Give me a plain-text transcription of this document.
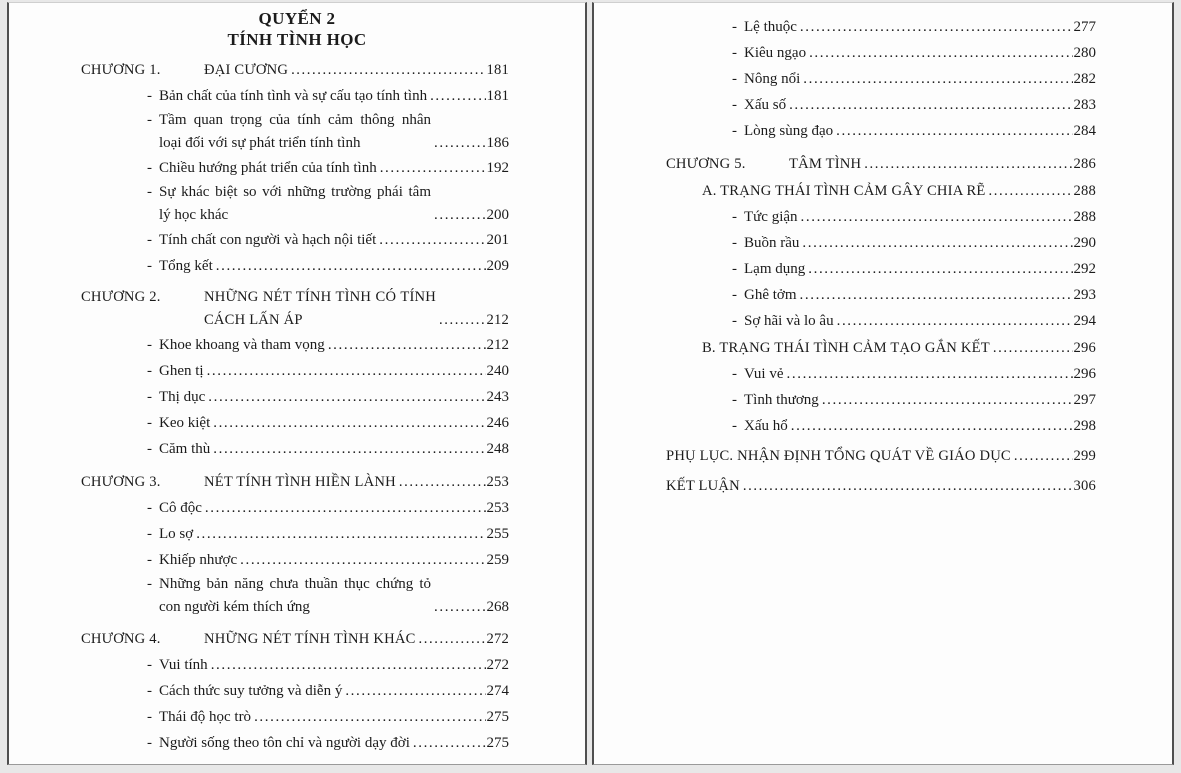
QUYỂN 2
TÍNH TÌNH HỌC
CHƯƠNG 1.	ĐẠI CƯƠNG .....	181
- Bản chất của tính tình và sự cấu tạo tính tình .....	181
- Tầm quan trọng của tính cảm thông nhân loại đối với sự phát triển tính tình .....	186
- Chiều hướng phát triển của tính tình .....	192
- Sự khác biệt so với những trường phái tâm lý học khác .....	200
- Tính chất con người và hạch nội tiết .....	201
- Tổng kết .....	209
CHƯƠNG 2.	NHỮNG NÉT TÍNH TÌNH CÓ TÍNH CÁCH LẤN ÁP .....	212
- Khoe khoang và tham vọng .....	212
- Ghen tị .....	240
- Thị dục .....	243
- Keo kiệt .....	246
- Căm thù .....	248
CHƯƠNG 3.	NÉT TÍNH TÌNH HIỀN LÀNH .....	253
- Cô độc .....	253
- Lo sợ .....	255
- Khiếp nhược .....	259
- Những bản năng chưa thuần thục chứng tỏ con người kém thích ứng .....	268
CHƯƠNG 4.	NHỮNG NÉT TÍNH TÌNH KHÁC .....	272
- Vui tính .....	272
- Cách thức suy tưởng và diễn ý .....	274
- Thái độ học trò .....	275
- Người sống theo tôn chỉ và người dạy đời .....	275
- Lệ thuộc .....	277
- Kiêu ngạo .....	280
- Nông nổi .....	282
- Xấu số .....	283
- Lòng sùng đạo .....	284
CHƯƠNG 5.	TÂM TÌNH .....	286
A. TRẠNG THÁI TÌNH CẢM GÂY CHIA RẼ .....	288
- Tức giận .....	288
- Buồn rầu .....	290
- Lạm dụng .....	292
- Ghê tởm .....	293
- Sợ hãi và lo âu .....	294
B. TRẠNG THÁI TÌNH CẢM TẠO GẮN KẾT .....	296
- Vui vẻ .....	296
- Tình thương .....	297
- Xấu hổ .....	298
PHỤ LỤC. NHẬN ĐỊNH TỔNG QUÁT VỀ GIÁO DỤC .....	299
KẾT LUẬN .....	306
